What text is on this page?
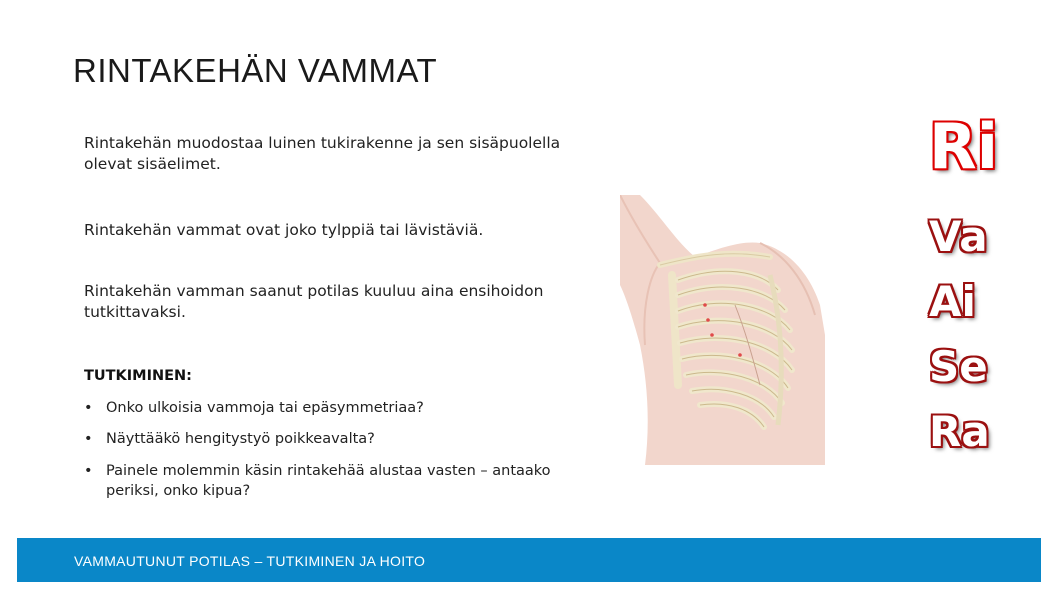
RINTAKEHÄN VAMMAT
Rintakehän muodostaa luinen tukirakenne ja sen sisäpuolella olevat sisäelimet.
Rintakehän vammat ovat joko tylppiä tai lävistäviä.
Rintakehän vamman saanut potilas kuuluu aina ensihoidon tutkittavaksi.
TUTKIMINEN:
• Onko ulkoisia vammoja tai epäsymmetriaa?
• Näyttääkö hengitystyö poikkeavalta?
• Painele molemmin käsin rintakehää alustaa vasten – antaako periksi, onko kipua?
Ri
Va
Ai
Se
Ra
VAMMAUTUNUT POTILAS – TUTKIMINEN JA HOITO
